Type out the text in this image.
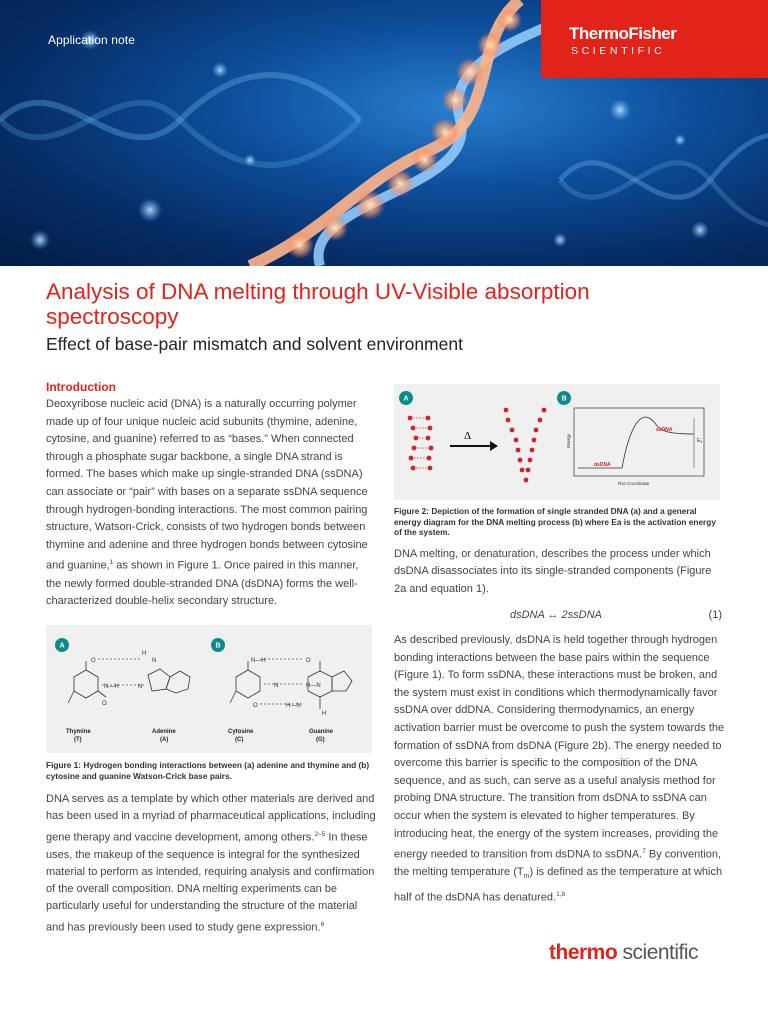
Application note	ThermoFisher
SCIENTIFIC
Analysis of DNA melting through UV-Visible absorption spectroscopy
Effect of base-pair mismatch and solvent environment
Introduction

Deoxyribose nucleic acid (DNA) is a naturally occurring polymer made up of four unique nucleic acid subunits (thymine, adenine, cytosine, and guanine) referred to as “bases.” When connected through a phosphate sugar backbone, a single DNA strand is formed. The bases which make up single-stranded DNA (ssDNA) can associate or “pair” with bases on a separate ssDNA sequence through hydrogen-bonding interactions. The most common pairing structure, Watson-Crick, consists of two hydrogen bonds between thymine and adenine and three hydrogen bonds between cytosine and guanine,$^1$ as shown in Figure 1. Once paired in this manner, the newly formed double-stranded DNA (dsDNA) forms the well-characterized double-helix secondary structure.

A	B
O
H
N
N—H	N
O
N—H	O
N	H—N
O	H—N
H
Thymine
(T)
Adenine
(A)
Cytosine
(C)
Guanine
(G)
Figure 1: Hydrogen bonding interactions between (a) adenine and thymine and (b) cytosine and guanine Watson-Crick base pairs.

DNA serves as a template by which other materials are derived and has been used in a myriad of pharmaceutical applications, including gene therapy and vaccine development, among others.$^{2-5}$ In these uses, the makeup of the sequence is integral for the synthesized material to perform as intended, requiring analysis and confirmation of the overall composition. DNA melting experiments can be particularly useful for understanding the structure of the material and has previously been used to study gene expression.$^6$

A	B
Δ	ssDNA
dsDNA
Eₐ
Rxn Coordinate
Energy
Figure 2: Depiction of the formation of single stranded DNA (a) and a general energy diagram for the DNA melting process (b) where Ea is the activation energy of the system.

DNA melting, or denaturation, describes the process under which dsDNA disassociates into its single-stranded components (Figure 2a and equation 1).

dsDNA ↔ 2ssDNA	(1)

As described previously, dsDNA is held together through hydrogen bonding interactions between the base pairs within the sequence (Figure 1). To form ssDNA, these interactions must be broken, and the system must exist in conditions which thermodynamically favor ssDNA over ddDNA. Considering thermodynamics, an energy activation barrier must be overcome to push the system towards the formation of ssDNA from dsDNA (Figure 2b). The energy needed to overcome this barrier is specific to the composition of the DNA sequence, and as such, can serve as a useful analysis method for probing DNA structure. The transition from dsDNA to ssDNA can occur when the system is elevated to higher temperatures. By introducing heat, the energy of the system increases, providing the energy needed to transition from dsDNA to ssDNA.$^7$ By convention, the melting temperature $(T_m)$ is defined as the temperature at which half of the dsDNA has denatured.$^{1,8}$

thermo scientific
